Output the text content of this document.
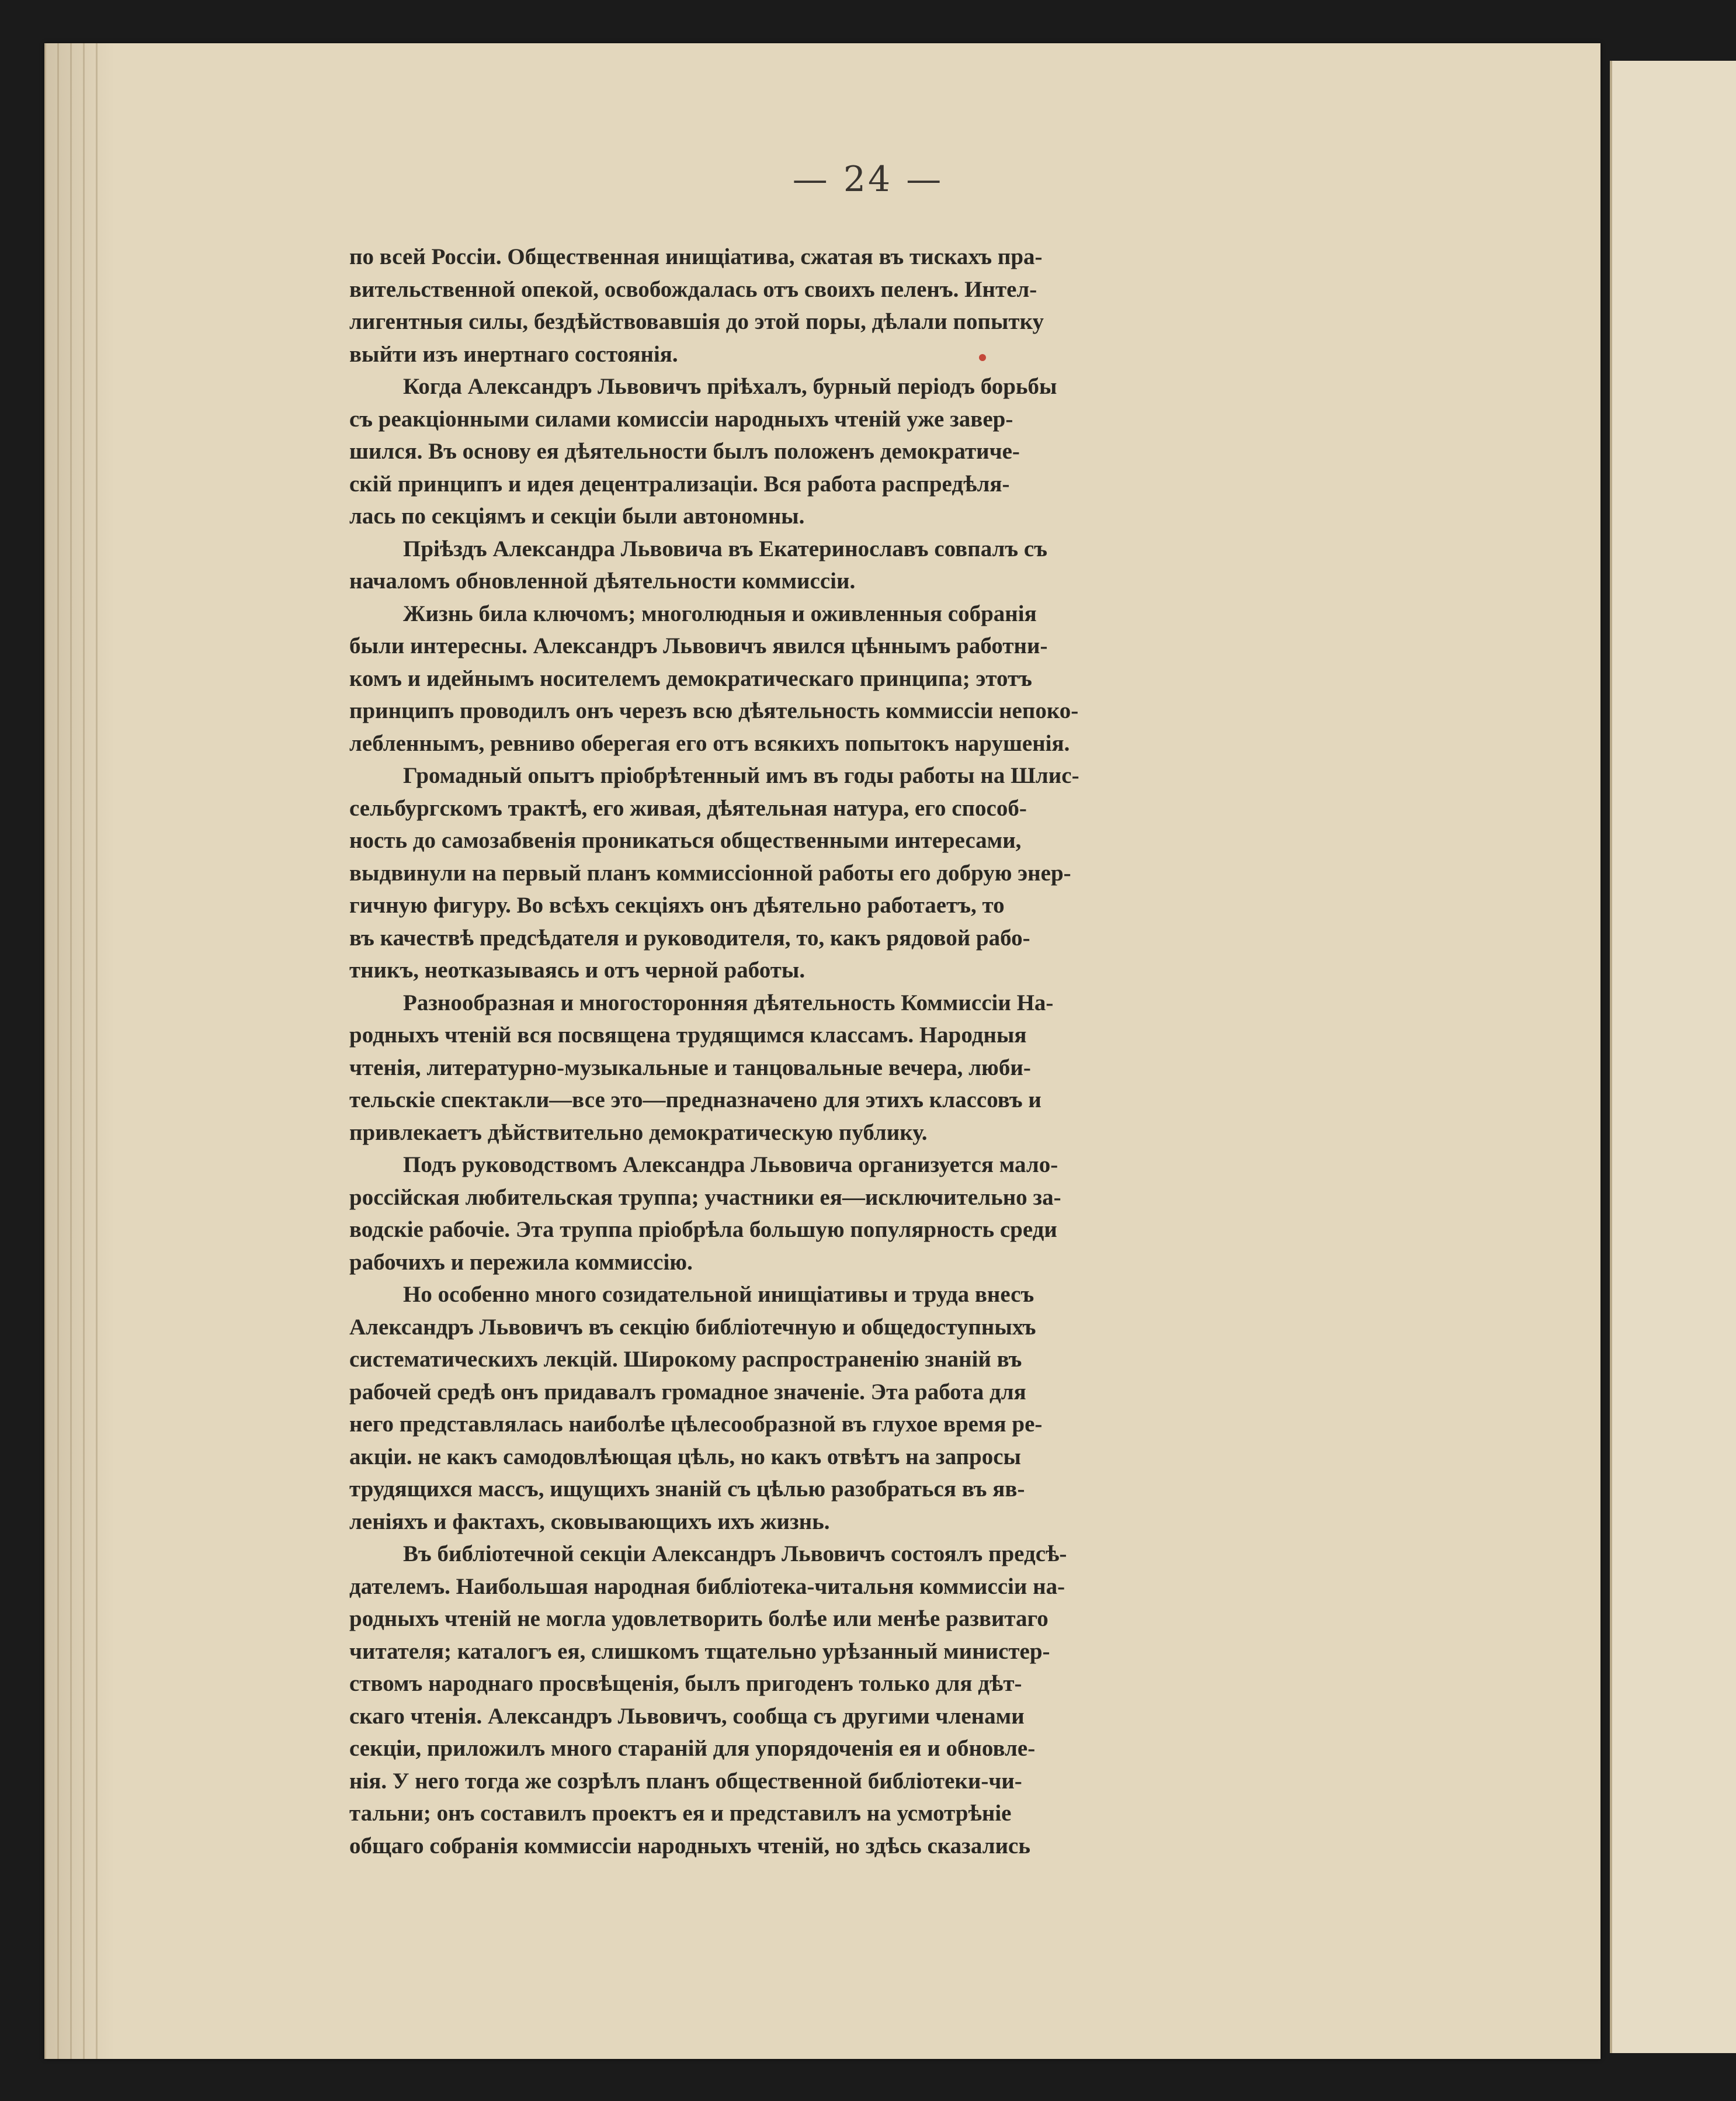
— 24 —
по всей Россіи. Общественная инищіатива, сжатая въ тискахъ пра-
вительственной опекой, освобождалась отъ своихъ пеленъ. Интел-
лигентныя силы, бездѣйствовавшія до этой поры, дѣлали попытку
выйти изъ инертнаго состоянія.
Когда Александръ Львовичъ пріѣхалъ, бурный періодъ борьбы
съ реакціонными силами комиссіи народныхъ чтеній уже завер-
шился. Въ основу ея дѣятельности былъ положенъ демократиче-
скій принципъ и идея децентрализаціи. Вся работа распредѣля-
лась по секціямъ и секціи были автономны.
Пріѣздъ Александра Львовича въ Екатеринославъ совпалъ съ
началомъ обновленной дѣятельности коммиссіи.
Жизнь била ключомъ; многолюдныя и оживленныя собранія
были интересны. Александръ Львовичъ явился цѣннымъ работни-
комъ и идейнымъ носителемъ демократическаго принципа; этотъ
принципъ проводилъ онъ черезъ всю дѣятельность коммиссіи непоко-
лебленнымъ, ревниво оберегая его отъ всякихъ попытокъ нарушенія.
Громадный опытъ пріобрѣтенный имъ въ годы работы на Шлис-
сельбургскомъ трактѣ, его живая, дѣятельная натура, его способ-
ность до самозабвенія проникаться общественными интересами,
выдвинули на первый планъ коммиссіонной работы его добрую энер-
гичную фигуру. Во всѣхъ секціяхъ онъ дѣятельно работаетъ, то
въ качествѣ предсѣдателя и руководителя, то, какъ рядовой рабо-
тникъ, неотказываясь и отъ черной работы.
Разнообразная и многосторонняя дѣятельность Коммиссіи На-
родныхъ чтеній вся посвящена трудящимся классамъ. Народныя
чтенія, литературно-музыкальные и танцовальные вечера, люби-
тельскіе спектакли—все это—предназначено для этихъ классовъ и
привлекаетъ дѣйствительно демократическую публику.
Подъ руководствомъ Александра Львовича организуется мало-
россійская любительская труппа; участники ея—исключительно за-
водскіе рабочіе. Эта труппа пріобрѣла большую популярность среди
рабочихъ и пережила коммиссію.
Но особенно много созидательной инищіативы и труда внесъ
Александръ Львовичъ въ секцію библіотечную и общедоступныхъ
систематическихъ лекцій. Широкому распространенію знаній въ
рабочей средѣ онъ придавалъ громадное значеніе. Эта работа для
него представлялась наиболѣе цѣлесообразной въ глухое время ре-
акціи. не какъ самодовлѣющая цѣль, но какъ отвѣтъ на запросы
трудящихся массъ, ищущихъ знаній съ цѣлью разобраться въ яв-
леніяхъ и фактахъ, сковывающихъ ихъ жизнь.
Въ библіотечной секціи Александръ Львовичъ состоялъ предсѣ-
дателемъ. Наибольшая народная библіотека-читальня коммиссіи на-
родныхъ чтеній не могла удовлетворить болѣе или менѣе развитаго
читателя; каталогъ ея, слишкомъ тщательно урѣзанный министер-
ствомъ народнаго просвѣщенія, былъ пригоденъ только для дѣт-
скаго чтенія. Александръ Львовичъ, сообща съ другими членами
секціи, приложилъ много стараній для упорядоченія ея и обновле-
нія. У него тогда же созрѣлъ планъ общественной библіотеки-чи-
тальни; онъ составилъ проектъ ея и представилъ на усмотрѣніе
общаго собранія коммиссіи народныхъ чтеній, но здѣсь сказались
